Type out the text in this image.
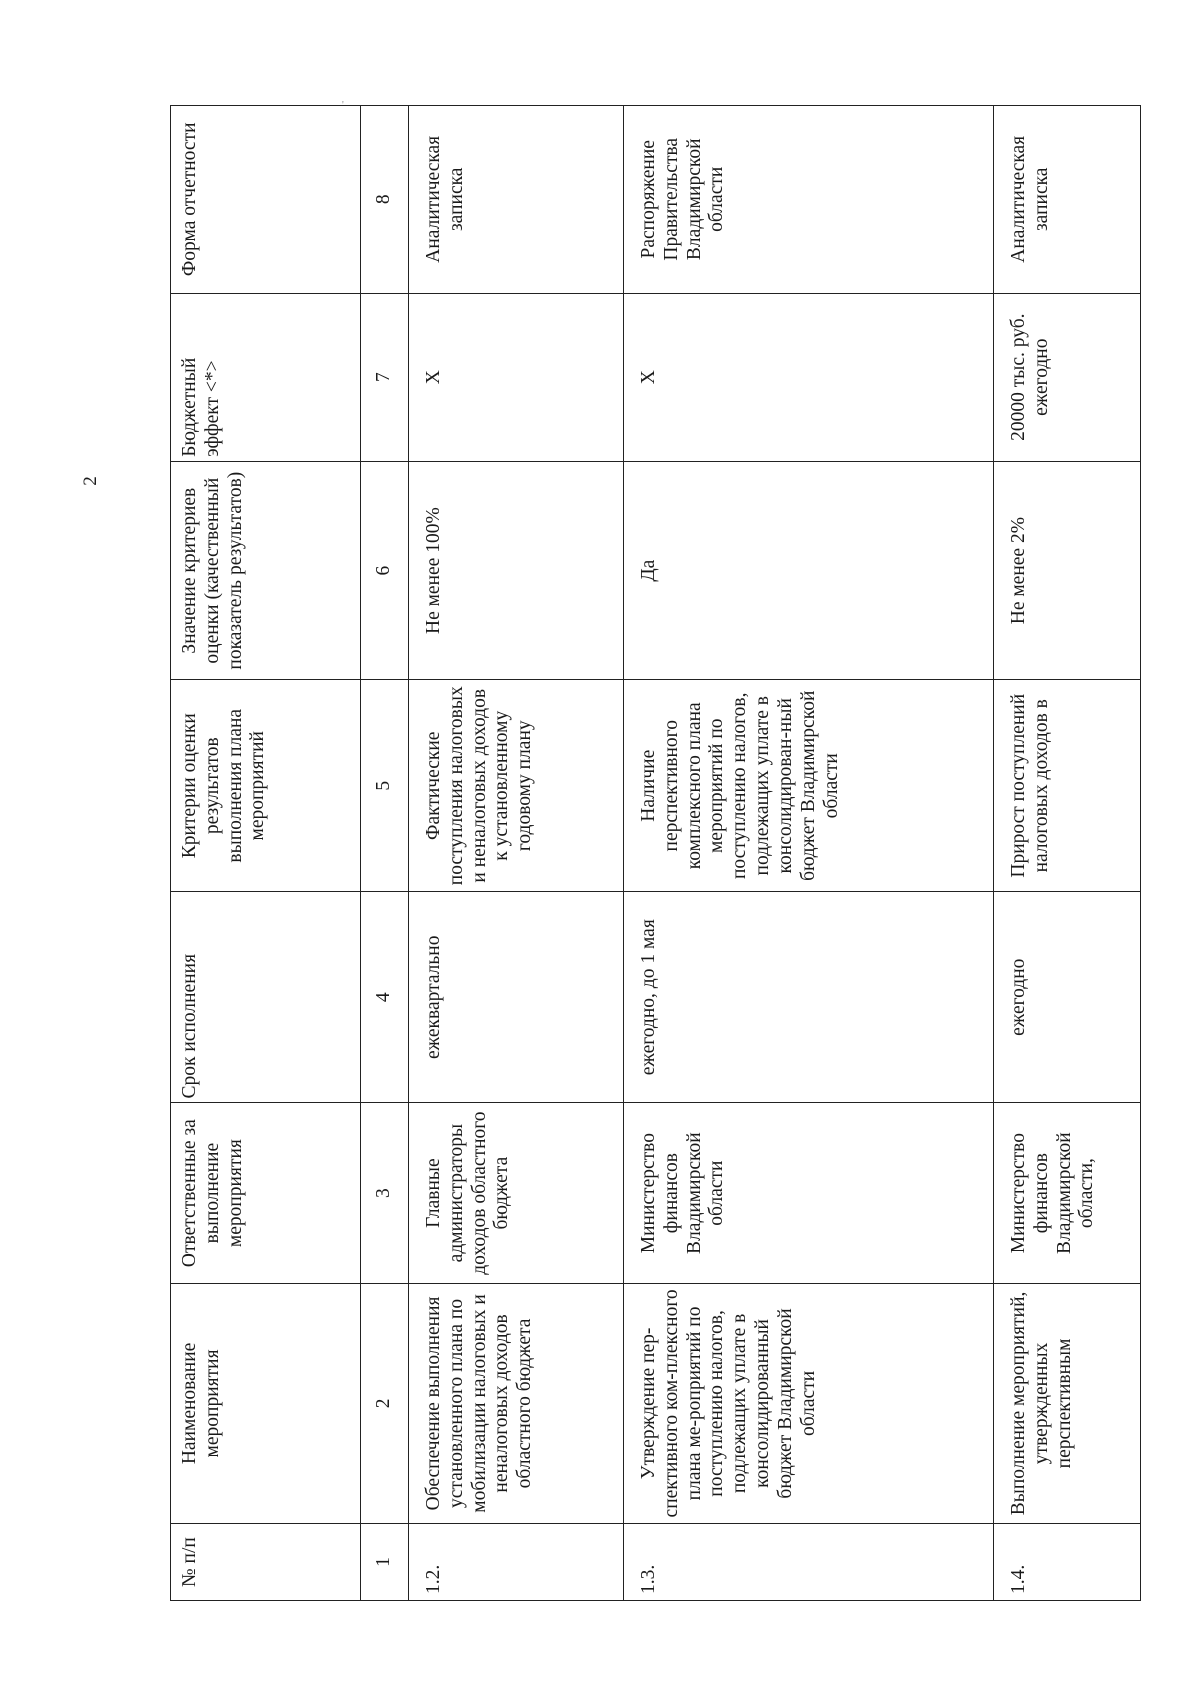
2
'
№ п/п	Наименование мероприятия	Ответственные за выполнение мероприятия	Срок исполнения	Критерии оценки результатов выполнения плана мероприятий	Значение критериев оценки (качественный показатель результатов)	Бюджетный эффект <*>	Форма отчетности
1	2	3	4	5	6	7	8
1.2.	Обеспечение выполнения установленного плана по мобилизации налоговых и неналоговых доходов областного бюджета	Главные администраторы доходов областного бюджета	ежеквартально	Фактические поступления налоговых и неналоговых доходов к установленному годовому плану	Не менее 100%	Х	Аналитическая записка
1.3.	Утверждение пер-спективного ком-плексного плана ме-роприятий по поступлению налогов, подлежащих уплате в консолидированный бюджет Владимирской области	Министерство финансов Владимирской области	ежегодно, до 1 мая	Наличие перспективного комплексного плана мероприятий по поступлению налогов, подлежащих уплате в консолидирован-ный бюджет Владимирской области	Да	Х	Распоряжение Правительства Владимирской области
1.4.	Выполнение мероприятий, утвержденных перспективным	Министерство финансов Владимирской области,	ежегодно	Прирост поступлений налоговых доходов в	Не менее 2%	20000 тыс. руб. ежегодно	Аналитическая записка
